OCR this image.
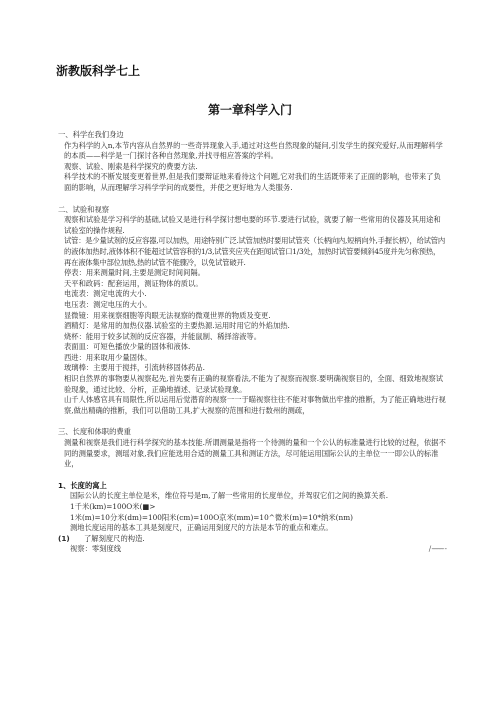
浙教版科学七上
第一章科学入门

一、科学在我们身边

作为科学的入n,本节内容从自然界的一些奇异现象入手,通过对这些自然现象的疑问,引发学生的探究爱好,从而理解科学的本质——科学是一门探讨各种自然现象,并找寻相应答案的学科。

观察、试验、刚索是科学探究的费要方法.

科学技术的不断发展变更着世界,但是我们要辩证地来看待这个问题,它对我们的生活既带来了正面的影响，也带来了负面的影响，从而理解学习科学学问的成要性，并使之更好地为人类服务.

二、试验和视察

观察和试验是学习科学的基础,试验又是进行科学探讨想电要的环节.要进行试验，就要了解一些常用的仪器及其用途和试验室的操作规程.

试管：是少量试剂的反应容器,可以加热，用途特别广泛.试管加热时要用试管夹（长柄向内,短柄向外,手握长柄），给试管内的液体加热时,液体体积不能超过试管容积的1/3,试管夹应夹在距闻试管口1/3处，加热时试管要倾斜45度并先匀称预热，再在液体集中部位加热,热的试管不能骤冷，以免试管破开.

停表：用来测量时间,主要是测定时间间隔。

天平和政码：配套运用，测证物体的质以。

电流表：测定电流的大小.

电压表：测定电压的大小。

显微镜：用来视察细胞等肉眼无法视察的微观世界的物质及变更.

酒精灯：是常用的加热仪器.试验室的主要热源.运用时用它的外焰加热.

烧杯：能用于较多试剂的反应容器，并能鼠制、稀择溶液等。

表面皿：可短色播放少量的固体和液体.

西进：用来取用少量固体。

玻璃棒：主要用于搅拌，引流转移固体药品.

相识自然界的事物要从视察起先,首先要有正确的视察看法,不能为了视察而视察.要明确视察目的，全面、细致地视察试验现象，通过比较、分析，正确地描述、记录试验现象。

山千人体感官具有局限性,所以运用后觉潜育的视察一一于瞄视察往往不能对事物做出牢推的推断，为了能正确地进行视察,做出精确的推断，我们可以借助工具,扩大视察的范围和进行数州的测疏，

三、长度和体职的费重

测量和视察是我们进行科学探究的基本技能.所谓测量是指将一个待测的量和一个公认的标准量进行比较的过程，依据不同的测量要求，测瑶对象,我们应能选用合适的测量工具和测证方法，尽可能运用国际公认的主单位一一即公认的标准业，

1、长度的寓上

国际公认的长度主单位是米，维位符号是m,了解一些常用的长度单位，并驾驭它们之间的换算关系.

1千米(km)=100O米(■>

1米(m)=10分米(dm)=100阳米(cm)=100O京米(mm)=10^微米(m)=10*纳米(nm)

测地长度运用的基本工具是刻度尺，正确运用刻度尺的方法是本节的重点和难点。

(1) 了解刻度尺的构造.

视察：零刻度线	/ -------- -
